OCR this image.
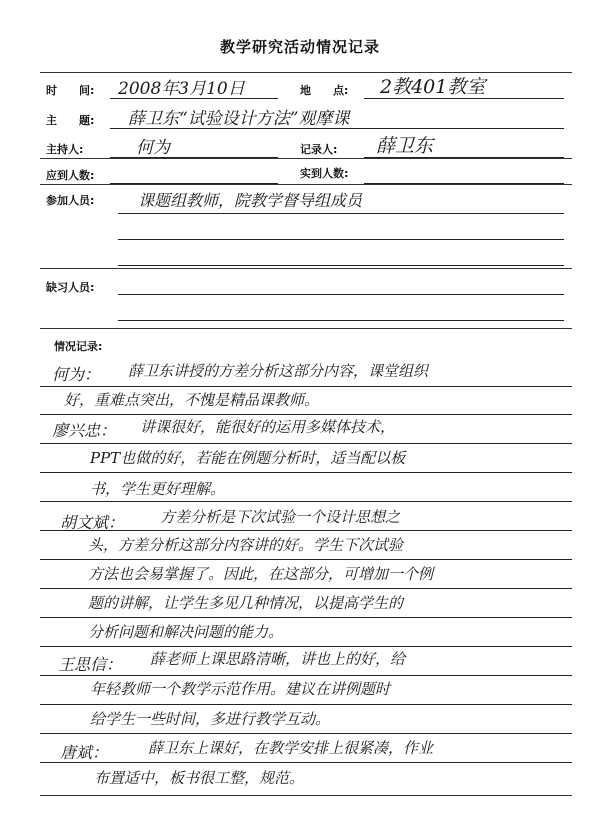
教学研究活动情况记录
时　　间: 2008年3月10日	地　　点: 2教401教室
主　　题: 薛卫东“试验设计方法”观摩课
主持人:	何为	记录人: 薛卫东
应到人数:	实到人数:
参加人员:	课题组教师，院教学督导组成员
缺习人员:
情况记录:
何为： 薛卫东讲授的方差分析这部分内容，课堂组织
好，重难点突出，不愧是精品课教师。
廖兴忠： 讲课很好，能很好的运用多媒体技术，
PPT也做的好，若能在例题分析时，适当配以板
书，学生更好理解。
胡文斌： 方差分析是下次试验一个设计思想之
头，方差分析这部分内容讲的好。学生下次试验
方法也会易掌握了。因此，在这部分，可增加一个例
题的讲解，让学生多见几种情况，以提高学生的
分析问题和解决问题的能力。
王思信： 薛老师上课思路清晰，讲也上的好，给
年轻教师一个教学示范作用。建议在讲例题时
给学生一些时间，多进行教学互动。
唐斌：	薛卫东上课好，在教学安排上很紧凑，作业
布置适中，板书很工整，规范。
